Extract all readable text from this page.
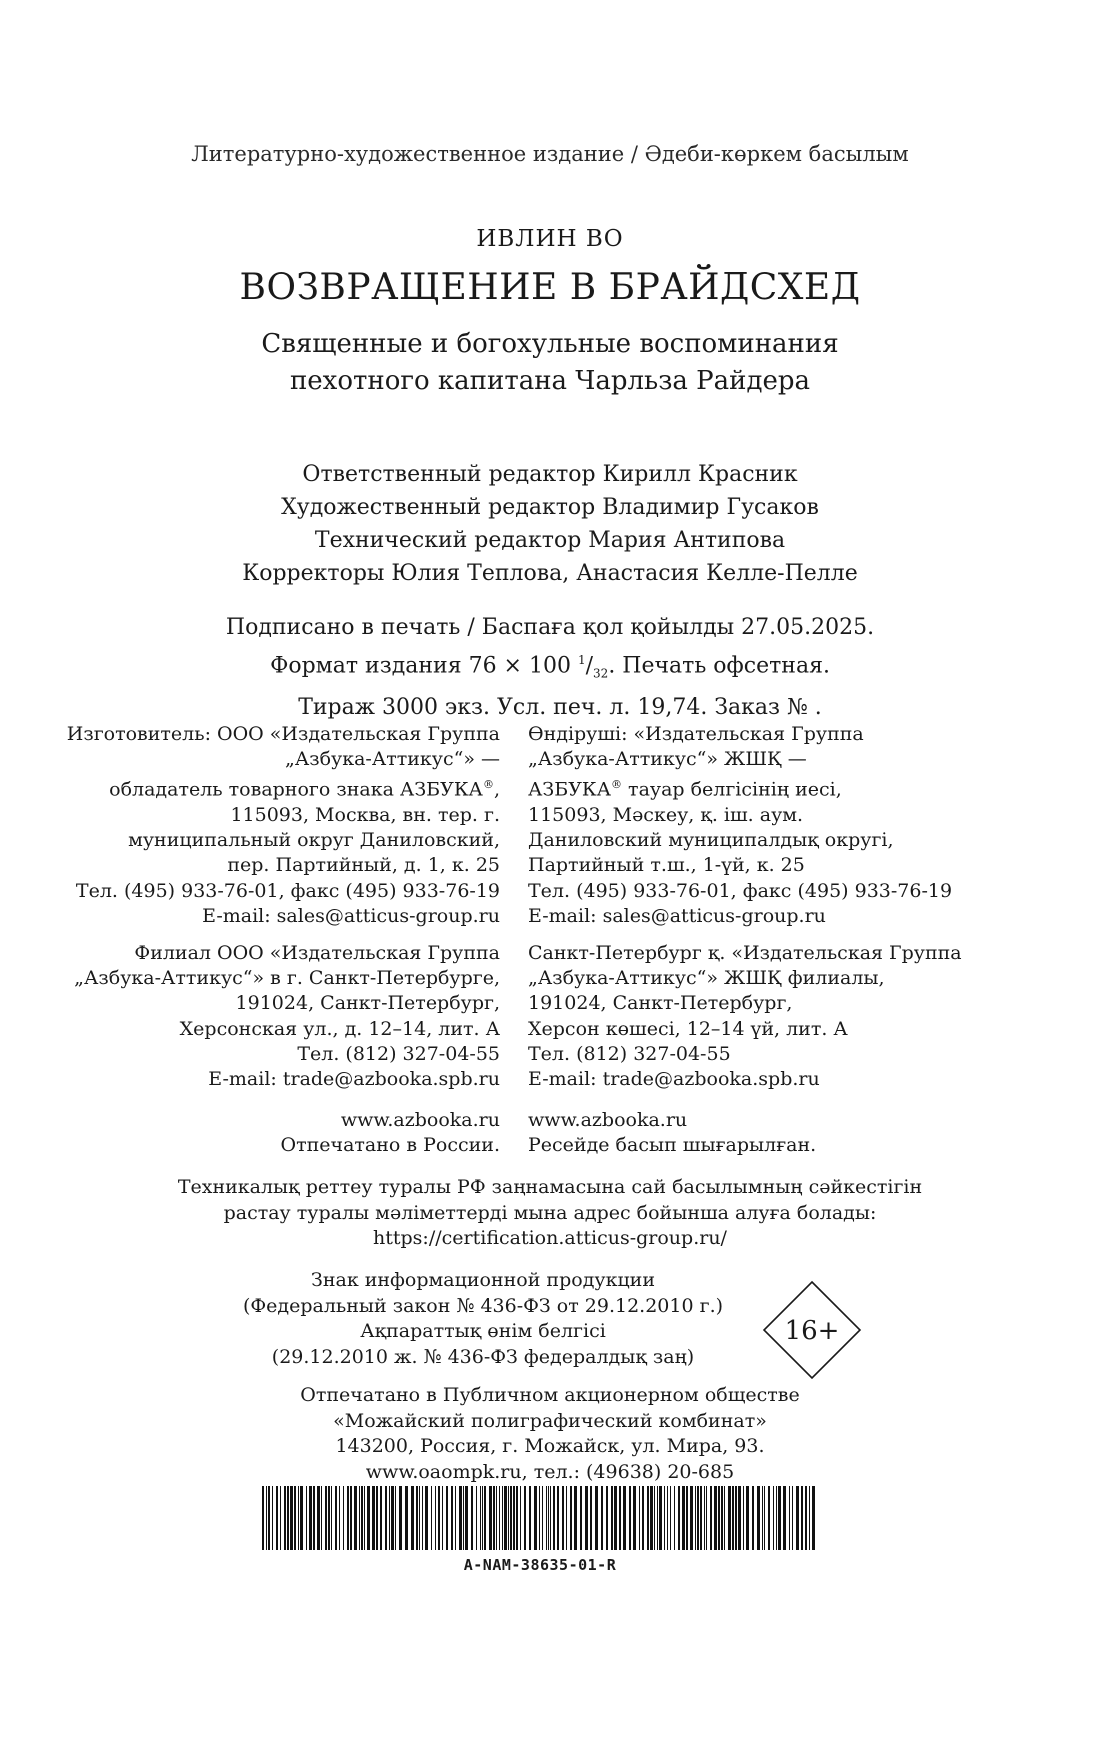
Литературно-художественное издание / Әдеби-көркем басылым
ИВЛИН ВО
ВОЗВРАЩЕНИЕ В БРАЙДСХЕД
Священные и богохульные воспоминания
пехотного капитана Чарльза Райдера
Ответственный редактор Кирилл Красник
Художественный редактор Владимир Гусаков
Технический редактор Мария Антипова
Корректоры Юлия Теплова, Анастасия Келле-Пелле
Подписано в печать / Баспаға қол қойылды 27.05.2025.
Формат издания 76 × 100 $^1/_{32}$. Печать офсетная.
Тираж 3000 экз. Усл. печ. л. 19,74. Заказ № .
Изготовитель: ООО «Издательская Группа
„Азбука-Аттикус“» —
обладатель товарного знака АЗБУКА®,
115093, Москва, вн. тер. г.
муниципальный округ Даниловский,
пер. Партийный, д. 1, к. 25
Тел. (495) 933-76-01, факс (495) 933-76-19
E-mail: sales@atticus-group.ru
Өндіруші: «Издательская Группа
„Азбука-Аттикус“» ЖШҚ —
АЗБУКА® тауар белгісінің иесі,
115093, Мәскеу, қ. іш. аум.
Даниловский муниципалдық округі,
Партийный т.ш., 1-үй, к. 25
Тел. (495) 933-76-01, факс (495) 933-76-19
E-mail: sales@atticus-group.ru
Филиал ООО «Издательская Группа
„Азбука-Аттикус“» в г. Санкт-Петербурге,
191024, Санкт-Петербург,
Херсонская ул., д. 12–14, лит. А
Тел. (812) 327-04-55
E-mail: trade@azbooka.spb.ru
Санкт-Петербург қ. «Издательская Группа
„Азбука-Аттикус“» ЖШҚ филиалы,
191024, Санкт-Петербург,
Херсон көшесі, 12–14 үй, лит. А
Тел. (812) 327-04-55
E-mail: trade@azbooka.spb.ru
www.azbooka.ru
Отпечатано в России.
www.azbooka.ru
Ресейде басып шығарылған.
Техникалық реттеу туралы РФ заңнамасына сай басылымның сәйкестігін
растау туралы мәліметтерді мына адрес бойынша алуға болады:
https://certification.atticus-group.ru/
Знак информационной продукции
(Федеральный закон № 436-ФЗ от 29.12.2010 г.)
Ақпараттық өнім белгісі
(29.12.2010 ж. № 436-ФЗ федералдық заң)
16+
Отпечатано в Публичном акционерном обществе
«Можайский полиграфический комбинат»
143200, Россия, г. Можайск, ул. Мира, 93.
www.oaompk.ru, тел.: (49638) 20-685
A-NAM-38635-01-R
